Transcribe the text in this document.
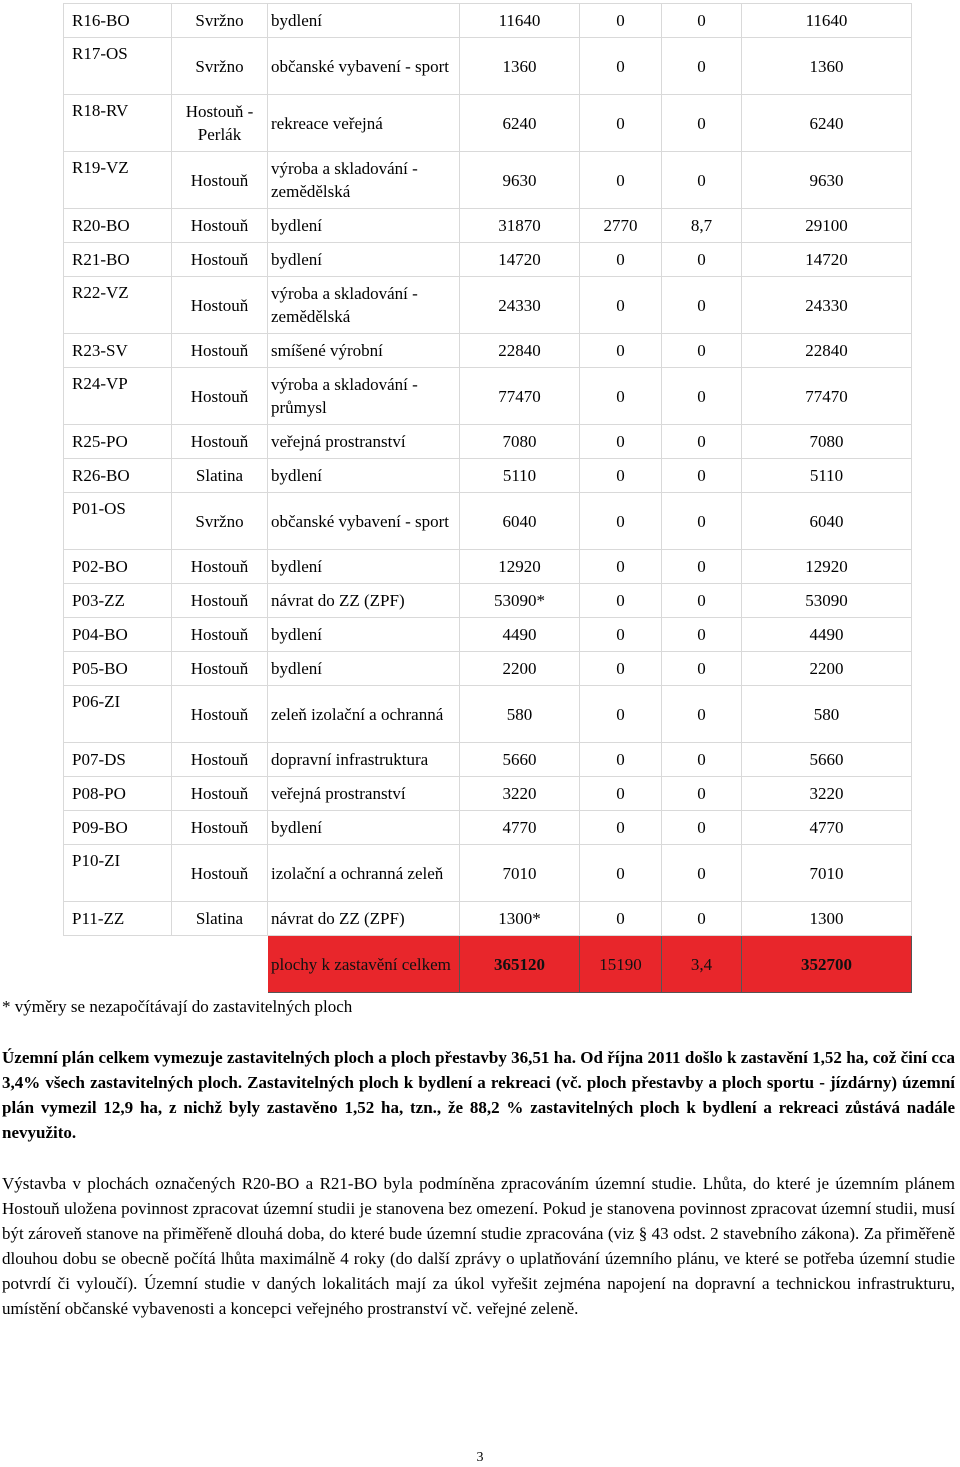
R16-BO	Svržno	bydlení	11640	0	0	11640
R17-OS	Svržno	občanské vybavení - sport	1360	0	0	1360
R18-RV	Hostouň - Perlák	rekreace veřejná	6240	0	0	6240
R19-VZ	Hostouň	výroba a skladování - zemědělská	9630	0	0	9630
R20-BO	Hostouň	bydlení	31870	2770	8,7	29100
R21-BO	Hostouň	bydlení	14720	0	0	14720
R22-VZ	Hostouň	výroba a skladování - zemědělská	24330	0	0	24330
R23-SV	Hostouň	smíšené výrobní	22840	0	0	22840
R24-VP	Hostouň	výroba a skladování - průmysl	77470	0	0	77470
R25-PO	Hostouň	veřejná prostranství	7080	0	0	7080
R26-BO	Slatina	bydlení	5110	0	0	5110
P01-OS	Svržno	občanské vybavení - sport	6040	0	0	6040
P02-BO	Hostouň	bydlení	12920	0	0	12920
P03-ZZ	Hostouň	návrat do ZZ (ZPF)	53090*	0	0	53090
P04-BO	Hostouň	bydlení	4490	0	0	4490
P05-BO	Hostouň	bydlení	2200	0	0	2200
P06-ZI	Hostouň	zeleň izolační a ochranná	580	0	0	580
P07-DS	Hostouň	dopravní infrastruktura	5660	0	0	5660
P08-PO	Hostouň	veřejná prostranství	3220	0	0	3220
P09-BO	Hostouň	bydlení	4770	0	0	4770
P10-ZI	Hostouň	izolační a ochranná zeleň	7010	0	0	7010
P11-ZZ	Slatina	návrat do ZZ (ZPF)	1300*	0	0	1300
		plochy k zastavění celkem	365120	15190	3,4	352700
* výměry se nezapočítávají do zastavitelných ploch
Územní plán celkem vymezuje zastavitelných ploch a ploch přestavby 36,51 ha. Od října 2011 došlo k zastavění 1,52 ha, což činí cca 3,4% všech zastavitelných ploch. Zastavitelných ploch k bydlení a rekreaci (vč. ploch přestavby a ploch sportu - jízdárny) územní plán vymezil 12,9 ha, z nichž byly zastavěno 1,52 ha, tzn., že 88,2 % zastavitelných ploch k bydlení a rekreaci zůstává nadále nevyužito.
Výstavba v plochách označených R20-BO a R21-BO byla podmíněna zpracováním územní studie. Lhůta, do které je územním plánem Hostouň uložena povinnost zpracovat územní studii je stanovena bez omezení. Pokud je stanovena povinnost zpracovat územní studii, musí být zároveň stanove na přiměřeně dlouhá doba, do které bude územní studie zpracována (viz § 43 odst. 2 stavebního zákona). Za přiměřeně dlouhou dobu se obecně počítá lhůta maximálně 4 roky (do další zprávy o uplatňování územního plánu, ve které se potřeba územní studie potvrdí či vyloučí). Územní studie v daných lokalitách mají za úkol vyřešit zejména napojení na dopravní a technickou infrastrukturu, umístění občanské vybavenosti a koncepci veřejného prostranství vč. veřejné zeleně.
3
